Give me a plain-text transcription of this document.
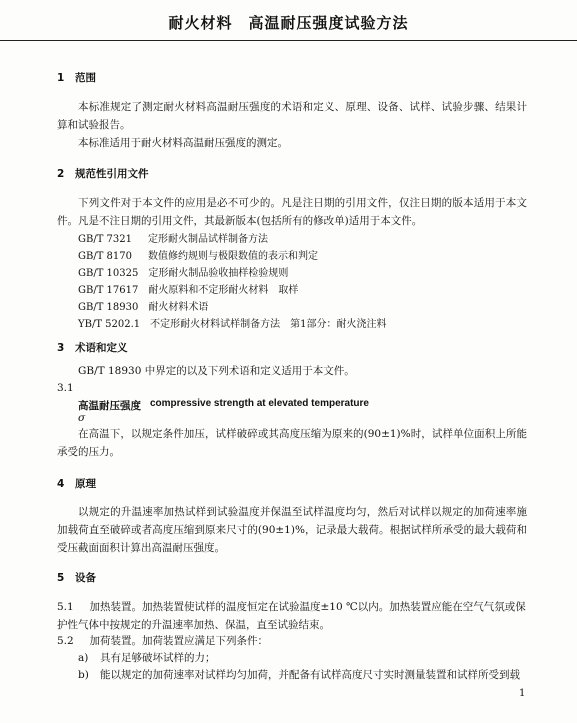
耐火材料　高温耐压强度试验方法
1 范围

本标准规定了测定耐火材料高温耐压强度的术语和定义、原理、设备、试样、试验步骤、结果计算和试验报告。

本标准适用于耐火材料高温耐压强度的测定。

2 规范性引用文件

下列文件对于本文件的应用是必不可少的。凡是注日期的引用文件，仅注日期的版本适用于本文件。凡是不注日期的引用文件，其最新版本(包括所有的修改单)适用于本文件。

GB/T 7321　 定形耐火制品试样制备方法
GB/T 8170　 数值修约规则与极限数值的表示和判定
GB/T 10325　 定形耐火制品验收抽样检验规则
GB/T 17617　 耐火原料和不定形耐火材料　取样
GB/T 18930　 耐火材料术语
YB/T 5202.1　 不定形耐火材料试样制备方法　第1部分：耐火浇注料
3 术语和定义

GB/T 18930 中界定的以及下列术语和定义适用于本文件。

3.1
高温耐压强度 compressive strength at elevated temperature
σ

在高温下，以规定条件加压，试样破碎或其高度压缩为原来的(90±1)%时，试样单位面积上所能承受的压力。

4 原理

以规定的升温速率加热试样到试验温度并保温至试样温度均匀，然后对试样以规定的加荷速率施加载荷直至破碎或者高度压缩到原来尺寸的(90±1)%，记录最大载荷。根据试样所承受的最大载荷和受压截面面积计算出高温耐压强度。

5 设备
5.1　 加热装置。加热装置使试样的温度恒定在试验温度±10 ℃以内。加热装置应能在空气气氛或保
护性气体中按规定的升温速率加热、保温，直至试验结束。
5.2　 加荷装置。加荷装置应满足下列条件：
a) 具有足够破坏试样的力；
b) 能以规定的加荷速率对试样均匀加荷，并配备有试样高度尺寸实时测量装置和试样所受到载
1
